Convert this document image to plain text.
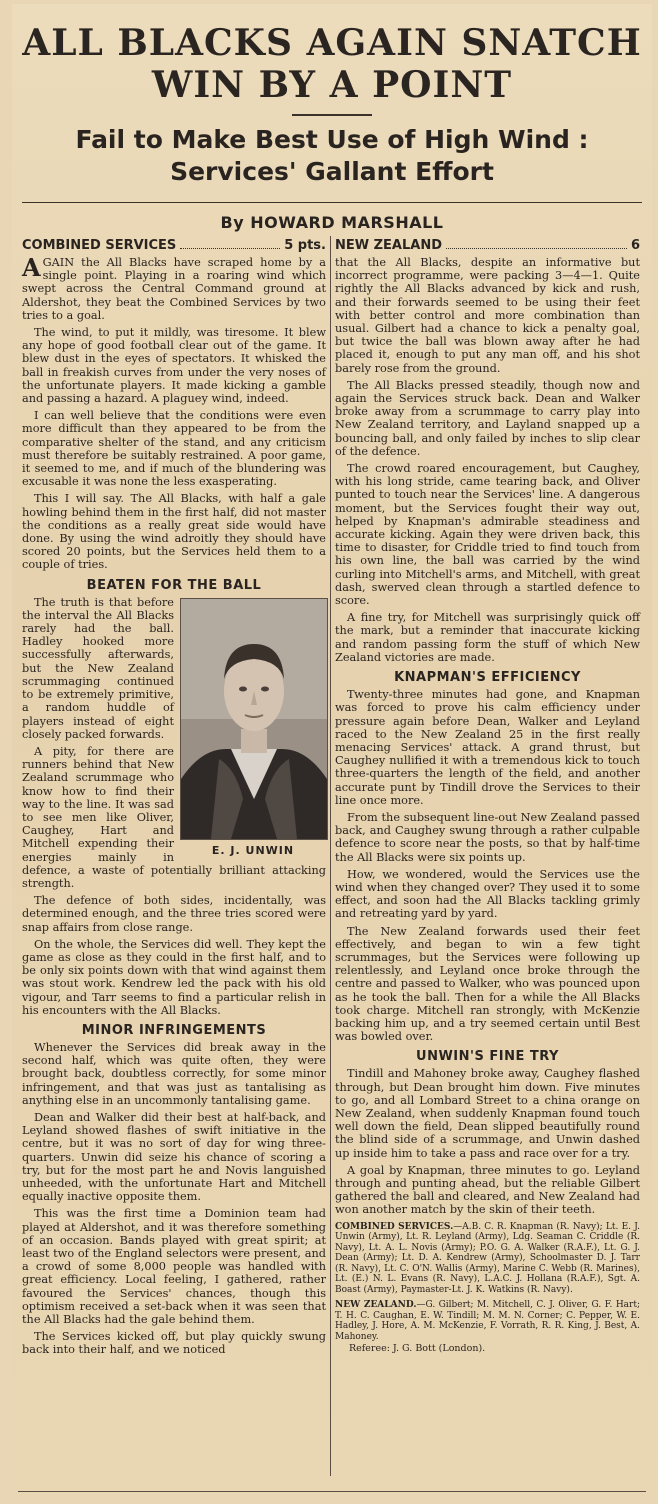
ALL BLACKS AGAIN SNATCH
WIN BY A POINT
Fail to Make Best Use of High Wind :
Services' Gallant Effort
By HOWARD MARSHALL
COMBINED SERVICES	5 pts.

AGAIN the All Blacks have scraped home by a single point. Playing in a roaring wind which swept across the Central Command ground at Aldershot, they beat the Combined Services by two tries to a goal.

The wind, to put it mildly, was tiresome. It blew any hope of good football clear out of the game. It blew dust in the eyes of spectators. It whisked the ball in freakish curves from under the very noses of the unfortunate players. It made kicking a gamble and passing a hazard. A plaguey wind, indeed.

I can well believe that the conditions were even more difficult than they appeared to be from the comparative shelter of the stand, and any criticism must therefore be suitably restrained. A poor game, it seemed to me, and if much of the blundering was excusable it was none the less exasperating.

This I will say. The All Blacks, with half a gale howling behind them in the first half, did not master the conditions as a really great side would have done. By using the wind adroitly they should have scored 20 points, but the Services held them to a couple of tries.

BEATEN FOR THE BALL
E. J. UNWIN

The truth is that before the interval the All Blacks rarely had the ball. Hadley hooked more successfully afterwards, but the New Zealand scrummaging continued to be extremely primitive, a random huddle of players instead of eight closely packed forwards.

A pity, for there are runners behind that New Zealand scrummage who know how to find their way to the line. It was sad to see men like Oliver, Caughey, Hart and Mitchell expending their energies mainly in defence, a waste of potentially brilliant attacking strength.

The defence of both sides, incidentally, was determined enough, and the three tries scored were snap affairs from close range.

On the whole, the Services did well. They kept the game as close as they could in the first half, and to be only six points down with that wind against them was stout work. Kendrew led the pack with his old vigour, and Tarr seems to find a particular relish in his encounters with the All Blacks.

MINOR INFRINGEMENTS

Whenever the Services did break away in the second half, which was quite often, they were brought back, doubtless correctly, for some minor infringement, and that was just as tantalising as anything else in an uncommonly tantalising game.

Dean and Walker did their best at half-back, and Leyland showed flashes of swift initiative in the centre, but it was no sort of day for wing three-quarters. Unwin did seize his chance of scoring a try, but for the most part he and Novis languished unheeded, with the unfortunate Hart and Mitchell equally inactive opposite them.

This was the first time a Dominion team had played at Aldershot, and it was therefore something of an occasion. Bands played with great spirit; at least two of the England selectors were present, and a crowd of some 8,000 people was handled with great efficiency. Local feeling, I gathered, rather favoured the Services' chances, though this optimism received a set-back when it was seen that the All Blacks had the gale behind them.

The Services kicked off, but play quickly swung back into their half, and we noticed

NEW ZEALAND	6

that the All Blacks, despite an informative but incorrect programme, were packing 3—4—1. Quite rightly the All Blacks advanced by kick and rush, and their forwards seemed to be using their feet with better control and more combination than usual. Gilbert had a chance to kick a penalty goal, but twice the ball was blown away after he had placed it, enough to put any man off, and his shot barely rose from the ground.

The All Blacks pressed steadily, though now and again the Services struck back. Dean and Walker broke away from a scrummage to carry play into New Zealand territory, and Layland snapped up a bouncing ball, and only failed by inches to slip clear of the defence.

The crowd roared encouragement, but Caughey, with his long stride, came tearing back, and Oliver punted to touch near the Services' line. A dangerous moment, but the Services fought their way out, helped by Knapman's admirable steadiness and accurate kicking. Again they were driven back, this time to disaster, for Criddle tried to find touch from his own line, the ball was carried by the wind curling into Mitchell's arms, and Mitchell, with great dash, swerved clean through a startled defence to score.

A fine try, for Mitchell was surprisingly quick off the mark, but a reminder that inaccurate kicking and random passing form the stuff of which New Zealand victories are made.

KNAPMAN'S EFFICIENCY

Twenty-three minutes had gone, and Knapman was forced to prove his calm efficiency under pressure again before Dean, Walker and Leyland raced to the New Zealand 25 in the first really menacing Services' attack. A grand thrust, but Caughey nullified it with a tremendous kick to touch three-quarters the length of the field, and another accurate punt by Tindill drove the Services to their line once more.

From the subsequent line-out New Zealand passed back, and Caughey swung through a rather culpable defence to score near the posts, so that by half-time the All Blacks were six points up.

How, we wondered, would the Services use the wind when they changed over? They used it to some effect, and soon had the All Blacks tackling grimly and retreating yard by yard.

The New Zealand forwards used their feet effectively, and began to win a few tight scrummages, but the Services were following up relentlessly, and Leyland once broke through the centre and passed to Walker, who was pounced upon as he took the ball. Then for a while the All Blacks took charge. Mitchell ran strongly, with McKenzie backing him up, and a try seemed certain until Best was bowled over.

UNWIN'S FINE TRY

Tindill and Mahoney broke away, Caughey flashed through, but Dean brought him down. Five minutes to go, and all Lombard Street to a china orange on New Zealand, when suddenly Knapman found touch well down the field, Dean slipped beautifully round the blind side of a scrummage, and Unwin dashed up inside him to take a pass and race over for a try.

A goal by Knapman, three minutes to go. Leyland through and punting ahead, but the reliable Gilbert gathered the ball and cleared, and New Zealand had won another match by the skin of their teeth.

COMBINED SERVICES.—A.B. C. R. Knapman (R. Navy); Lt. E. J. Unwin (Army), Lt. R. Leyland (Army), Ldg. Seaman C. Criddle (R. Navy), Lt. A. L. Novis (Army); P.O. G. A. Walker (R.A.F.), Lt. G. J. Dean (Army); Lt. D. A. Kendrew (Army), Schoolmaster D. J. Tarr (R. Navy), Lt. C. O'N. Wallis (Army), Marine C. Webb (R. Marines), Lt. (E.) N. L. Evans (R. Navy), L.A.C. J. Hollana (R.A.F.), Sgt. A. Boast (Army), Paymaster-Lt. J. K. Watkins (R. Navy).

NEW ZEALAND.—G. Gilbert; M. Mitchell, C. J. Oliver, G. F. Hart; T. H. C. Caughan, E. W. Tindill; M. M. N. Corner; C. Pepper, W. E. Hadley, J. Hore, A. M. McKenzie, F. Vorrath, R. R. King, J. Best, A. Mahoney.

Referee: J. G. Bott (London).
